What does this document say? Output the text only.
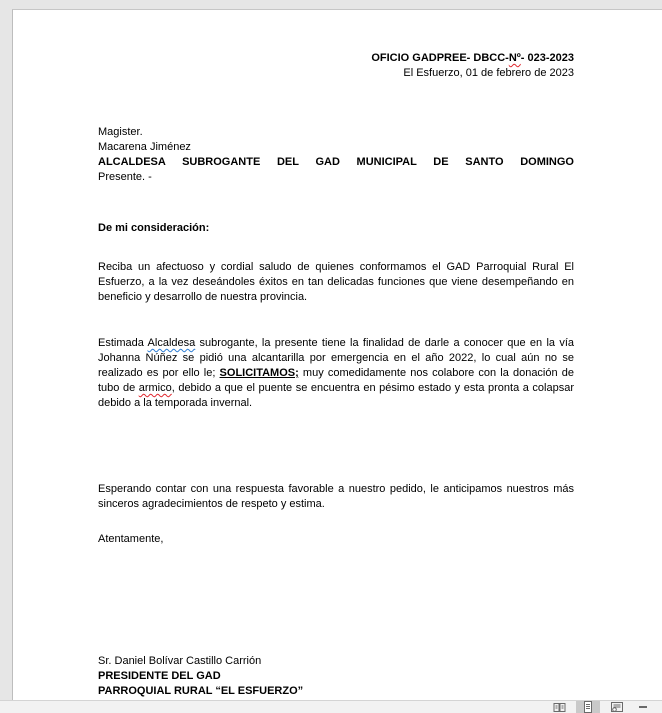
OFICIO GADPREE- DBCC-Nº- 023-2023
El Esfuerzo, 01 de febrero de 2023
Magister.
Macarena Jiménez
ALCALDESA SUBROGANTE DEL GAD MUNICIPAL DE SANTO DOMINGO
Presente. -
De mi consideración:
Reciba un afectuoso y cordial saludo de quienes conformamos el GAD Parroquial Rural El Esfuerzo, a la vez deseándoles éxitos en tan delicadas funciones que viene desempeñando en beneficio y desarrollo de nuestra provincia.
Estimada Alcaldesa subrogante, la presente tiene la finalidad de darle a conocer que en la vía Johanna Núñez se pidió una alcantarilla por emergencia en el año 2022, lo cual aún no se realizado es por ello le; SOLICITAMOS; muy comedidamente nos colabore con la donación de tubo de armico, debido a que el puente se encuentra en pésimo estado y esta pronta a colapsar debido a la temporada invernal.
Esperando contar con una respuesta favorable a nuestro pedido, le anticipamos nuestros más sinceros agradecimientos de respeto y estima.
Atentamente,
Sr. Daniel Bolívar Castillo Carrión
PRESIDENTE DEL GAD
PARROQUIAL RURAL “EL ESFUERZO”
